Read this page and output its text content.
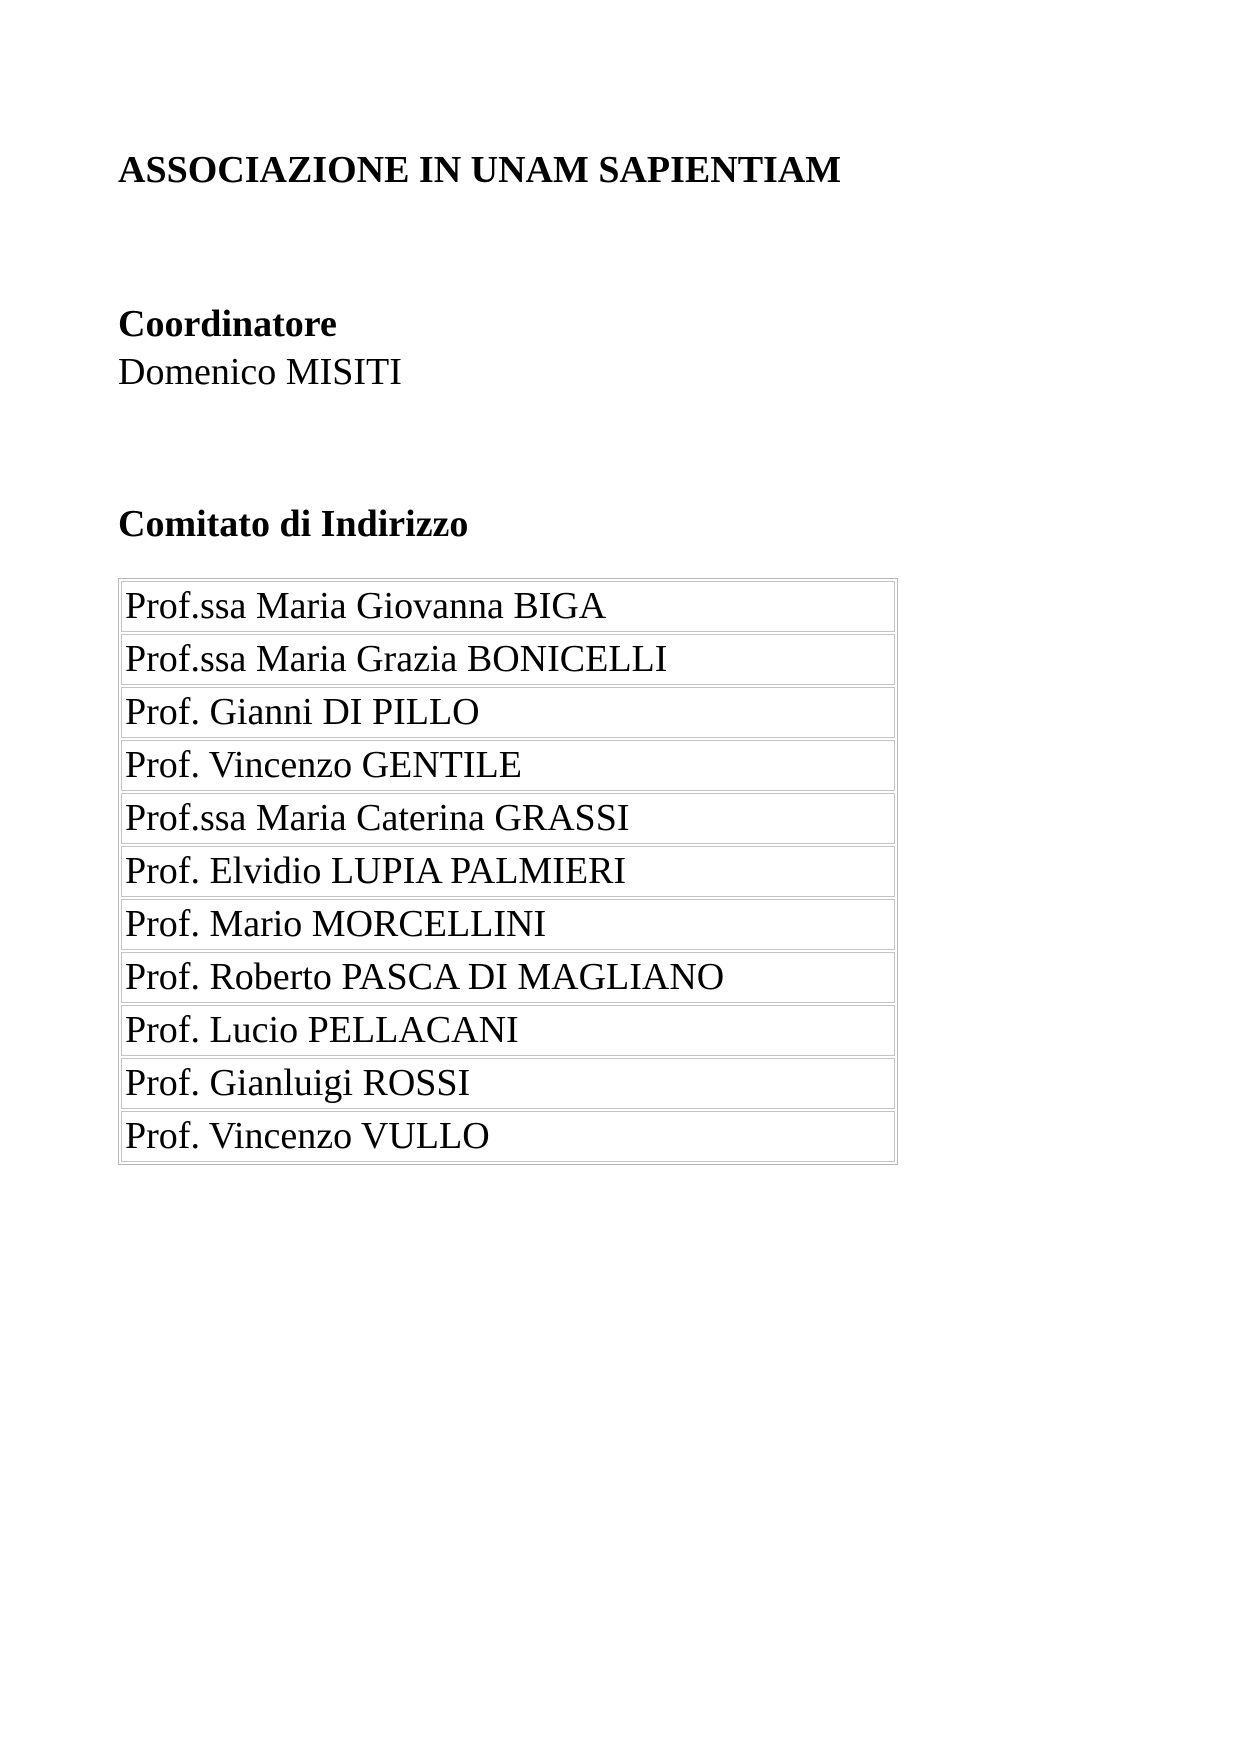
ASSOCIAZIONE IN UNAM SAPIENTIAM
Coordinatore

Domenico MISITI

Comitato di Indirizzo
Prof.ssa Maria Giovanna BIGA
Prof.ssa Maria Grazia BONICELLI
Prof. Gianni DI PILLO
Prof. Vincenzo GENTILE
Prof.ssa Maria Caterina GRASSI
Prof. Elvidio LUPIA PALMIERI
Prof. Mario MORCELLINI
Prof. Roberto PASCA DI MAGLIANO
Prof. Lucio PELLACANI
Prof. Gianluigi ROSSI
Prof. Vincenzo VULLO
